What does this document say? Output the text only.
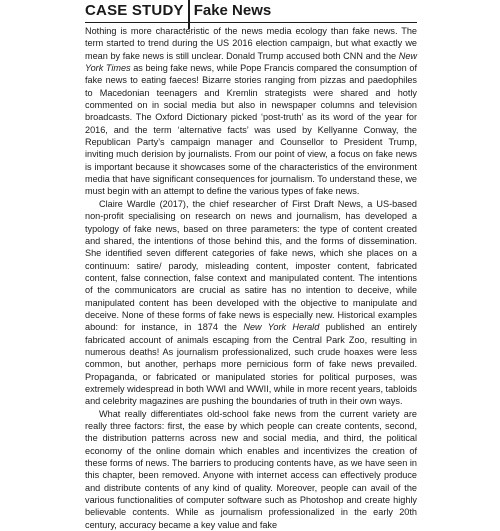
CASE STUDY Fake News

Nothing is more characteristic of the news media ecology than fake news. The term started to trend during the US 2016 election campaign, but what exactly we mean by fake news is still unclear. Donald Trump accused both CNN and the New York Times as being fake news, while Pope Francis compared the consumption of fake news to eating faeces! Bizarre stories ranging from pizzas and paedophiles to Macedonian teenagers and Kremlin strategists were shared and hotly commented on in social media but also in newspaper columns and television broadcasts. The Oxford Dictionary picked ‘post-truth’ as its word of the year for 2016, and the term ‘alternative facts’ was used by Kellyanne Conway, the Republican Party’s campaign manager and Counsellor to President Trump, inviting much derision by journalists. From our point of view, a focus on fake news is important because it showcases some of the characteristics of the environment media that have significant consequences for journalism. To understand these, we must begin with an attempt to define the various types of fake news.

Claire Wardle (2017), the chief researcher of First Draft News, a US-based non-profit specialising on research on news and journalism, has developed a typology of fake news, based on three parameters: the type of content created and shared, the intentions of those behind this, and the forms of dissemination. She identified seven different categories of fake news, which she places on a continuum: satire/ parody, misleading content, imposter content, fabricated content, false connection, false context and manipulated content. The intentions of the communicators are crucial as satire has no intention to deceive, while manipulated content has been developed with the objective to manipulate and deceive. None of these forms of fake news is especially new. Historical examples abound: for instance, in 1874 the New York Herald published an entirely fabricated account of animals escaping from the Central Park Zoo, resulting in numerous deaths! As journalism professionalized, such crude hoaxes were less common, but another, perhaps more pernicious form of fake news prevailed. Propaganda, or fabricated or manipulated stories for political purposes, was extremely widespread in both WWI and WWII, while in more recent years, tabloids and celebrity magazines are pushing the boundaries of truth in their own ways.

What really differentiates old-school fake news from the current variety are really three factors: first, the ease by which people can create contents, second, the distribution patterns across new and social media, and third, the political economy of the online domain which enables and incentivizes the creation of these forms of news. The barriers to producing contents have, as we have seen in this chapter, been removed. Anyone with internet access can effectively produce and distribute contents of any kind of quality. Moreover, people can avail of the various functionalities of computer software such as Photoshop and create highly believable contents. While as journalism professionalized in the early 20th century, accuracy became a key value and fake
